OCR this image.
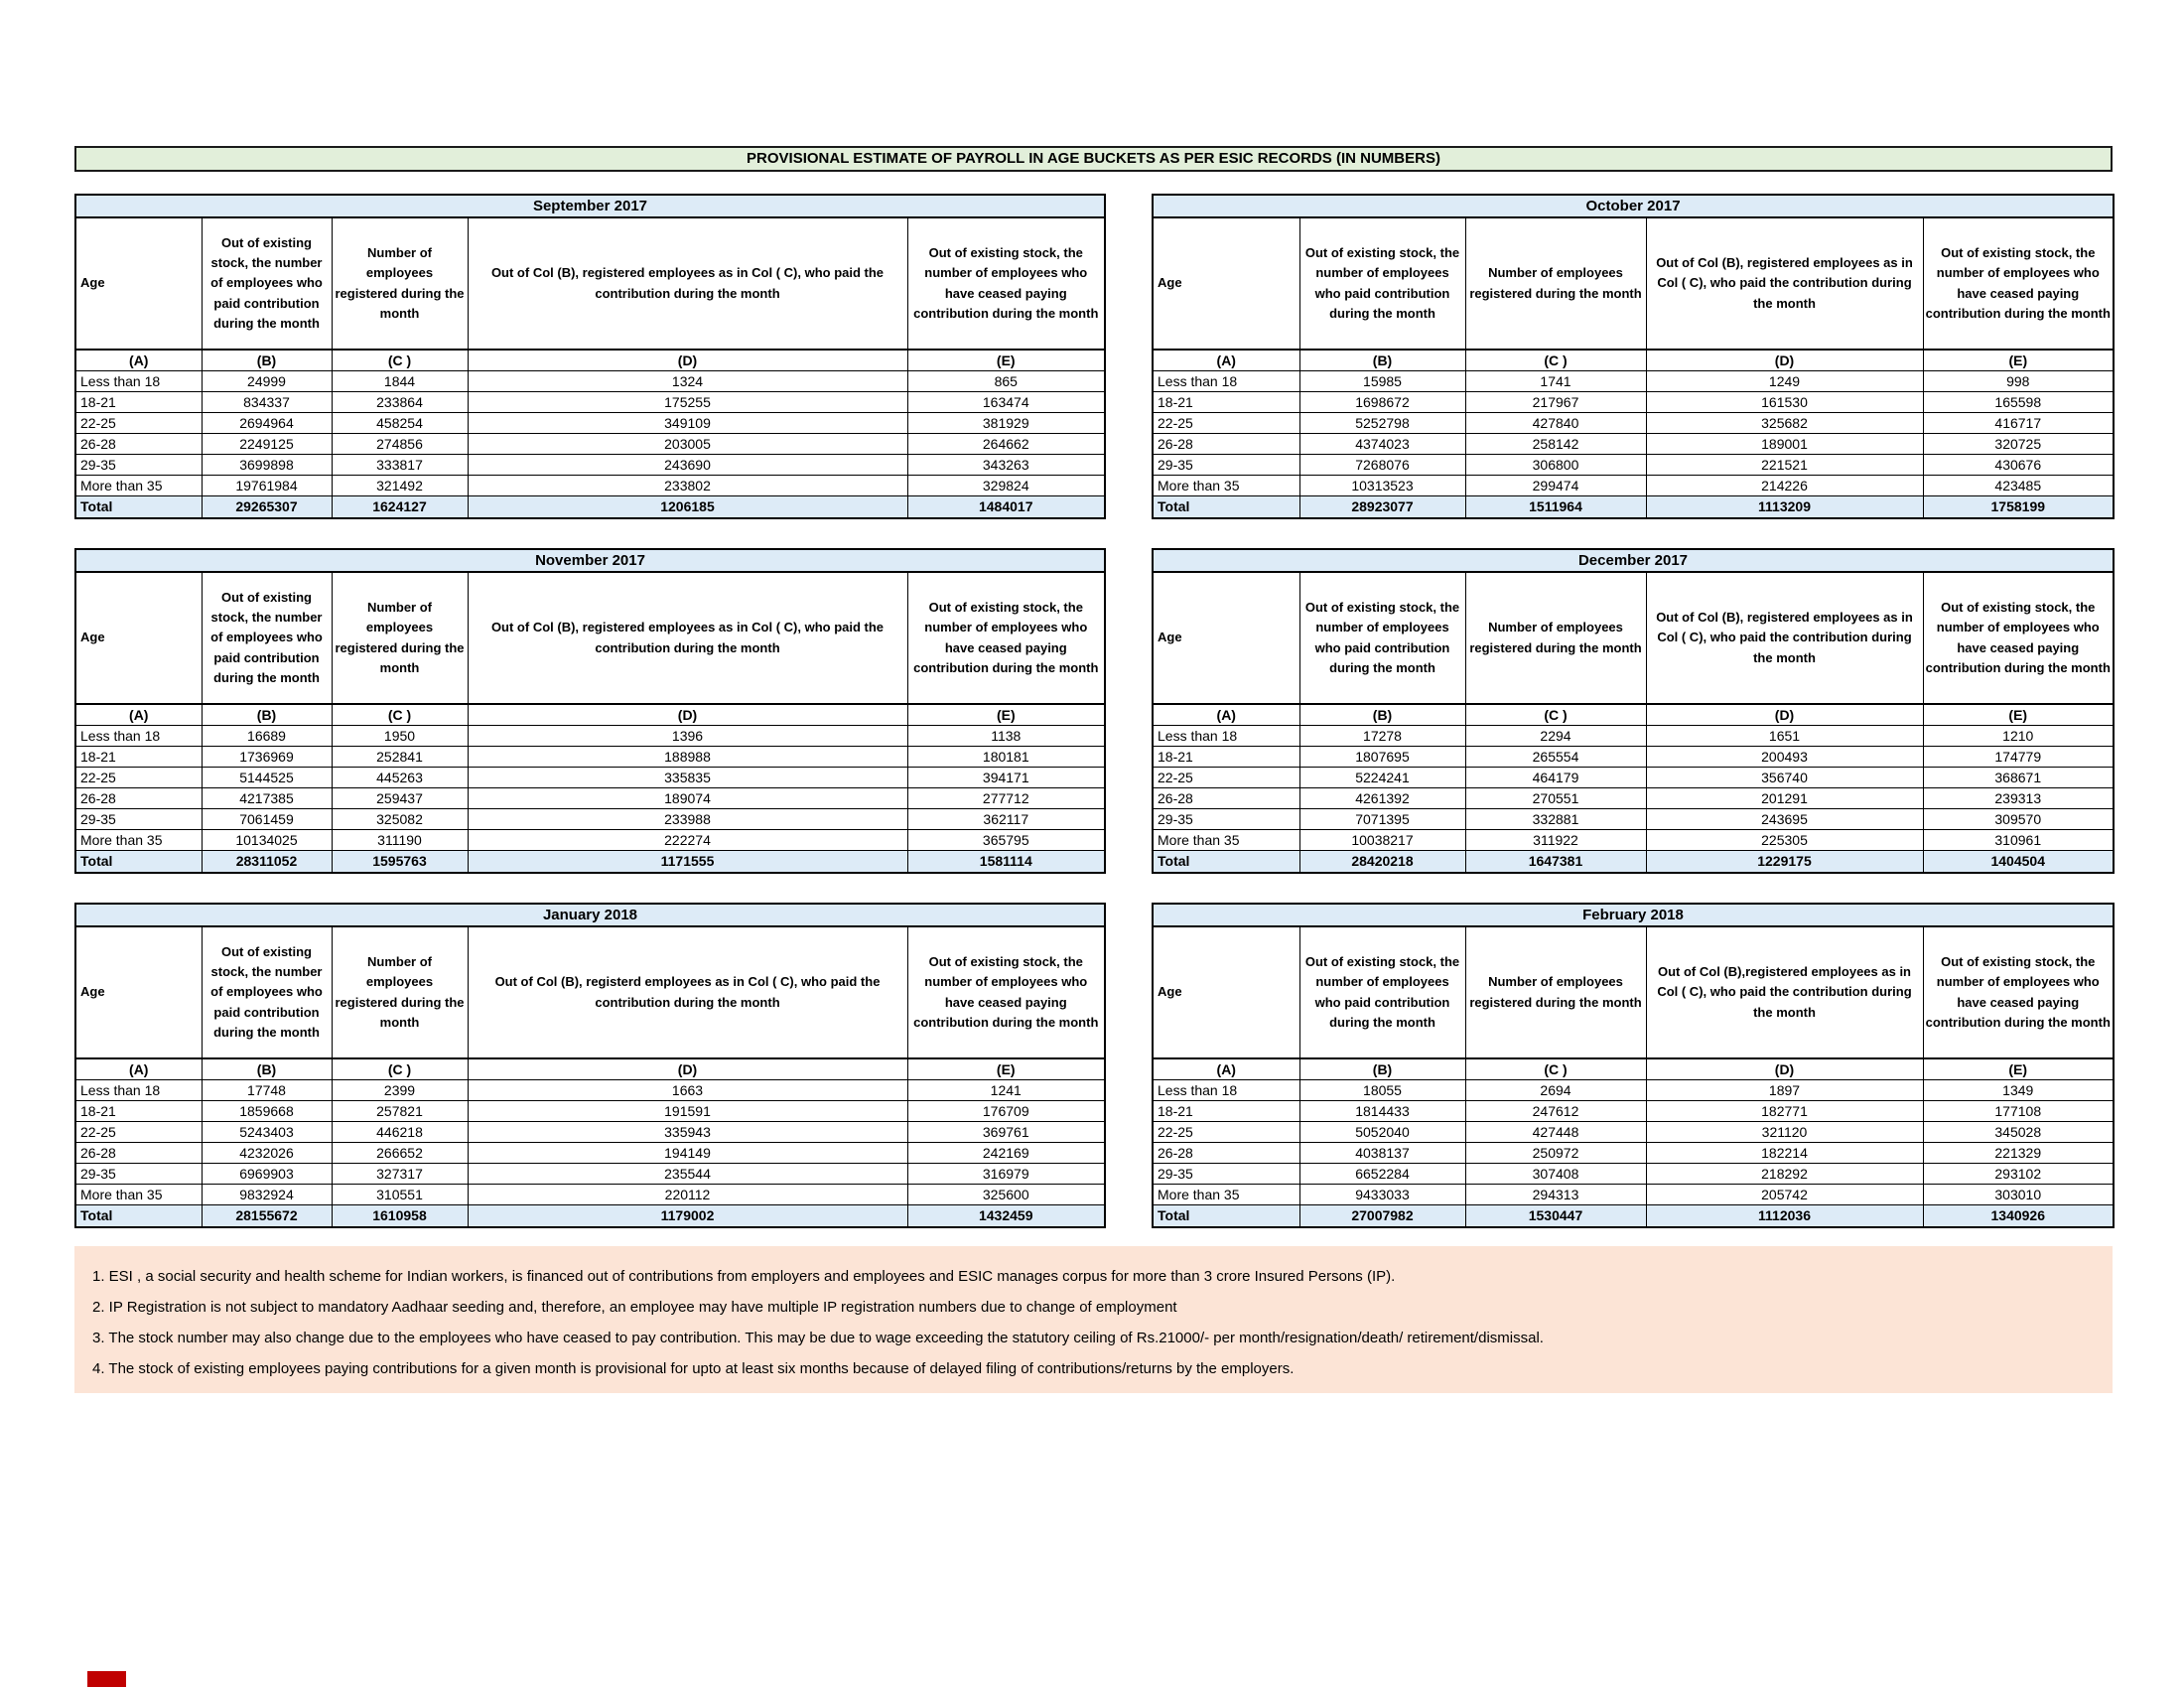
PROVISIONAL ESTIMATE OF PAYROLL IN AGE BUCKETS AS PER ESIC RECORDS (IN NUMBERS)
September 2017				
Age	Out of existing stock, the number of employees who paid contribution during the month	Number of employees registered during the month	Out of Col (B), registered employees as in Col ( C), who paid the contribution during the month	Out of existing stock, the number of employees who have ceased paying contribution during the month
(A)	(B)	(C )	(D)	(E)
Less than 18	24999	1844	1324	865
18-21	834337	233864	175255	163474
22-25	2694964	458254	349109	381929
26-28	2249125	274856	203005	264662
29-35	3699898	333817	243690	343263
More than 35	19761984	321492	233802	329824
Total	29265307	1624127	1206185	1484017
October 2017				
Age	Out of existing stock, the number of employees who paid contribution during the month	Number of employees registered during the month	Out of Col (B), registered employees as in Col ( C), who paid the contribution during the month	Out of existing stock, the number of employees who have ceased paying contribution during the month
(A)	(B)	(C )	(D)	(E)
Less than 18	15985	1741	1249	998
18-21	1698672	217967	161530	165598
22-25	5252798	427840	325682	416717
26-28	4374023	258142	189001	320725
29-35	7268076	306800	221521	430676
More than 35	10313523	299474	214226	423485
Total	28923077	1511964	1113209	1758199
November 2017				
Age	Out of existing stock, the number of employees who paid contribution during the month	Number of employees registered during the month	Out of Col (B), registered employees as in Col ( C), who paid the contribution during the month	Out of existing stock, the number of employees who have ceased paying contribution during the month
(A)	(B)	(C )	(D)	(E)
Less than 18	16689	1950	1396	1138
18-21	1736969	252841	188988	180181
22-25	5144525	445263	335835	394171
26-28	4217385	259437	189074	277712
29-35	7061459	325082	233988	362117
More than 35	10134025	311190	222274	365795
Total	28311052	1595763	1171555	1581114
December 2017				
Age	Out of existing stock, the number of employees who paid contribution during the month	Number of employees registered during the month	Out of Col (B), registered employees as in Col ( C), who paid the contribution during the month	Out of existing stock, the number of employees who have ceased paying contribution during the month
(A)	(B)	(C )	(D)	(E)
Less than 18	17278	2294	1651	1210
18-21	1807695	265554	200493	174779
22-25	5224241	464179	356740	368671
26-28	4261392	270551	201291	239313
29-35	7071395	332881	243695	309570
More than 35	10038217	311922	225305	310961
Total	28420218	1647381	1229175	1404504
January 2018				
Age	Out of existing stock, the number of employees who paid contribution during the month	Number of employees registered during the month	Out of Col (B), registerd employees as in Col ( C), who paid the contribution during the month	Out of existing stock, the number of employees who have ceased paying contribution during the month
(A)	(B)	(C )	(D)	(E)
Less than 18	17748	2399	1663	1241
18-21	1859668	257821	191591	176709
22-25	5243403	446218	335943	369761
26-28	4232026	266652	194149	242169
29-35	6969903	327317	235544	316979
More than 35	9832924	310551	220112	325600
Total	28155672	1610958	1179002	1432459
February 2018				
Age	Out of existing stock, the number of employees who paid contribution during the month	Number of employees registered during the month	Out of Col (B),registered employees as in Col ( C), who paid the contribution during the month	Out of existing stock, the number of employees who have ceased paying contribution during the month
(A)	(B)	(C )	(D)	(E)
Less than 18	18055	2694	1897	1349
18-21	1814433	247612	182771	177108
22-25	5052040	427448	321120	345028
26-28	4038137	250972	182214	221329
29-35	6652284	307408	218292	293102
More than 35	9433033	294313	205742	303010
Total	27007982	1530447	1112036	1340926

1. ESI , a social security and health scheme for Indian workers, is financed out of contributions from employers and employees and ESIC manages corpus for more than 3 crore Insured Persons (IP).

2. IP Registration is not subject to mandatory Aadhaar seeding and, therefore, an employee may have multiple IP registration numbers due to change of employment

3. The stock number may also change due to the employees who have ceased to pay contribution. This may be due to wage exceeding the statutory ceiling of Rs.21000/- per month/resignation/death/ retirement/dismissal.

4. The stock of existing employees paying contributions for a given month is provisional for upto at least six months because of delayed filing of contributions/returns by the employers.
